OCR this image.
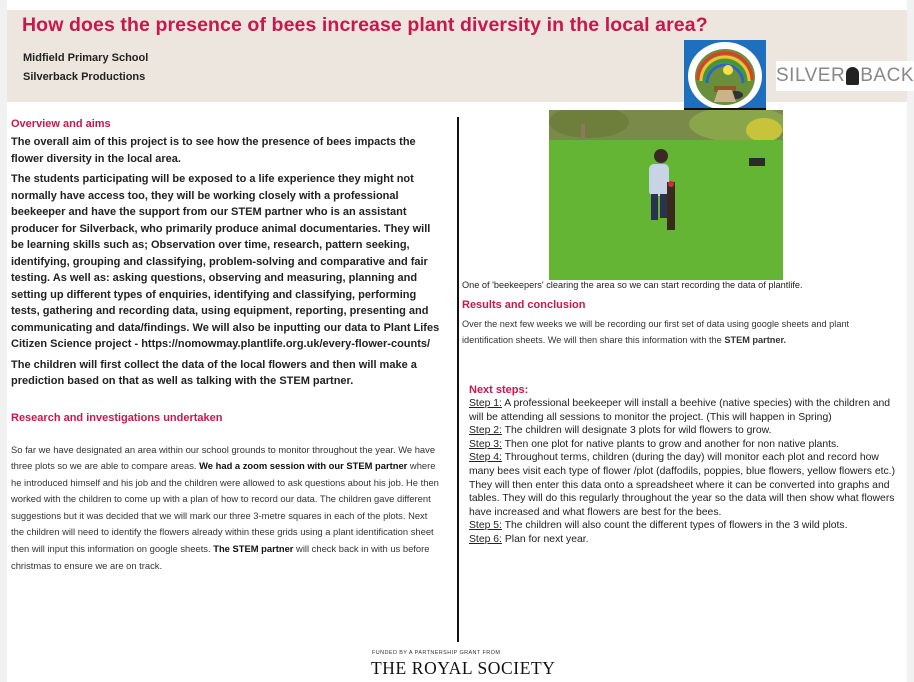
How does the presence of bees increase plant diversity in the local area?
Midfield Primary School
Silverback Productions	SILVER BACK
Overview and aims

The overall aim of this project is to see how the presence of bees impacts the flower diversity in the local area.

The students participating will be exposed to a life experience they might not normally have access too, they will be working closely with a professional beekeeper and have the support from our STEM partner who is an assistant producer for Silverback, who primarily produce animal documentaries. They will be learning skills such as; Observation over time, research, pattern seeking, identifying, grouping and classifying, problem-solving and comparative and fair testing. As well as: asking questions, observing and measuring, planning and setting up different types of enquiries, identifying and classifying, performing tests, gathering and recording data, using equipment, reporting, presenting and communicating and data/findings. We will also be inputting our data to Plant Lifes Citizen Science project - https://nomowmay.plantlife.org.uk/every-flower-counts/

The children will first collect the data of the local flowers and then will make a prediction based on that as well as talking with the STEM partner.

Research and investigations undertaken

So far we have designated an area within our school grounds to monitor throughout the year. We have three plots so we are able to compare areas. We had a zoom session with our STEM partner where he introduced himself and his job and the children were allowed to ask questions about his job. He then worked with the children to come up with a plan of how to record our data. The children gave different suggestions but it was decided that we will mark our three 3-metre squares in each of the plots. Next the children will need to identify the flowers already within these grids using a plant identification sheet then will input this information on google sheets. The STEM partner will check back in with us before christmas to ensure we are on track.

One of 'beekeepers' clearing the area so we can start recording the data of plantlife.
Results and conclusion
Over the next few weeks we will be recording our first set of data using google sheets and plant identification sheets. We will then share this information with the STEM partner.
Next steps:
Step 1: A professional beekeeper will install a beehive (native species) with the children and will be attending all sessions to monitor the project. (This will happen in Spring)
Step 2: The children will designate 3 plots for wild flowers to grow.
Step 3: Then one plot for native plants to grow and another for non native plants.
Step 4: Throughout terms, children (during the day) will monitor each plot and record how many bees visit each type of flower /plot (daffodils, poppies, blue flowers, yellow flowers etc.) They will then enter this data onto a spreadsheet where it can be converted into graphs and tables. They will do this regularly throughout the year so the data will then show what flowers have increased and what flowers are best for the bees.
Step 5: The children will also count the different types of flowers in the 3 wild plots.
Step 6: Plan for next year.
FUNDED BY A PARTNERSHIP GRANT FROM
THE ROYAL SOCIETY
